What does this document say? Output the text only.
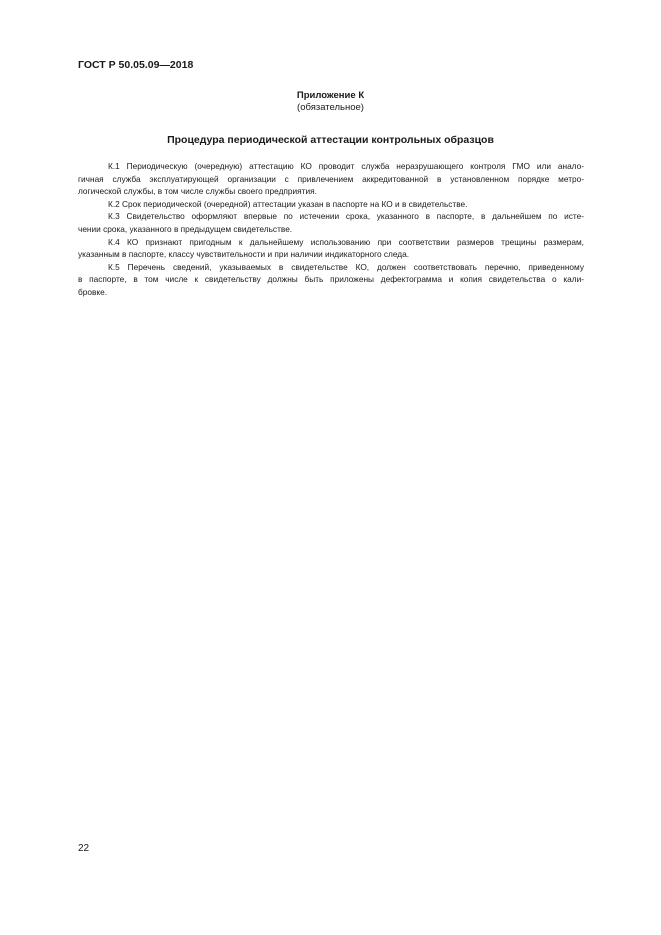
ГОСТ Р 50.05.09—2018
Приложение К
(обязательное)
Процедура периодической аттестации контрольных образцов
К.1 Периодическую (очередную) аттестацию КО проводит служба неразрушающего контроля ГМО или анало-
гичная служба эксплуатирующей организации с привлечением аккредитованной в установленном порядке метро-
логической службы, в том числе службы своего предприятия.
К.2 Срок периодической (очередной) аттестации указан в паспорте на КО и в свидетельстве.
К.3 Свидетельство оформляют впервые по истечении срока, указанного в паспорте, в дальнейшем по исте-
чении срока, указанного в предыдущем свидетельстве.
К.4 КО признают пригодным к дальнейшему использованию при соответствии размеров трещины размерам,
указанным в паспорте, классу чувствительности и при наличии индикаторного следа.
К.5 Перечень сведений, указываемых в свидетельстве КО, должен соответствовать перечню, приведенному
в паспорте, в том числе к свидетельству должны быть приложены дефектограмма и копия свидетельства о кали-
бровке.
22
